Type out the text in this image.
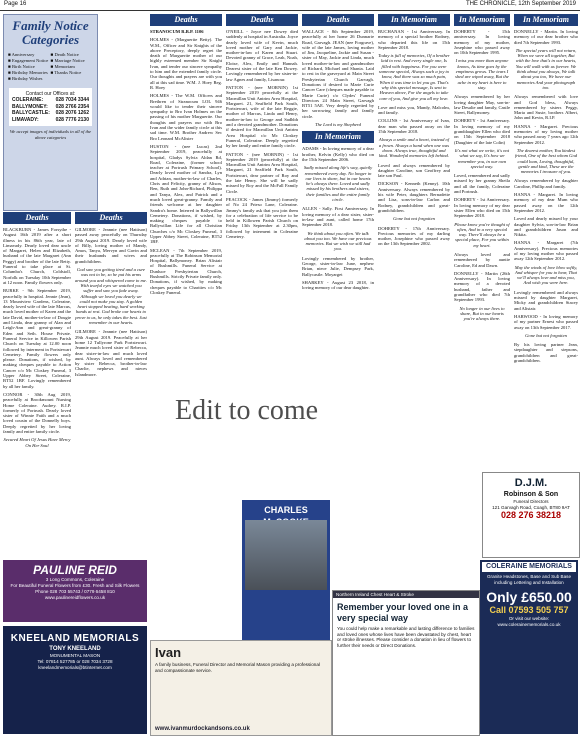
Page 16	THE CHRONICLE, 12th September 2019
Family Notice
Categories
■ Anniversary	■ Death Notice
■ Engagement Notice ■ Marriage Notice
■ Birth Notice	■ Memoriam
■ Birthday Memories ■ Thanks Notice
■ Birthday Wishes
Contact our Offices at:
COLERAINE:	028 7034 3344
BALLYMONEY: 028 2766 2354
BALLYCASTLE: 028 2076 1262
LIMAVADY:	028 7776 2130
We accept images of individuals in all of the above categories
Deaths

BLACKBURN - James Forsythe - August 16th 2019 after a short illness in his 86th year, late of Limavady. Dearly loved dear uncle of Margaret, Helen and Elizabeth, husband of the late Margaret (Ann Peggy) and brother of the late Betty. Funeral to take place at St. Columba's Church, Coldstoll, Norfolk on Tuesday 10th September at 12 noon. Family flowers only.

BURKE - 9th September 2019, peacefully in hospital. Jennie (Jean), 13 Mountview Gardens, Coleraine, dearly loved wife of the late Marcus, much loved mother of Karen and the late David, mother-in-law of Dougie and Linda, dear granny of Alan and Leigh-Ann and great-granny of Eden and Seth. House Private. Funeral Service in Killowen Parish Church on Tuesday at 12.00 noon followed by interment in Portstewart Cemetery. Family flowers only please. Donations, if wished, by making cheques payable to Action Cancer c/o Mc Closkey Funeral, 3 Upper Abbey Street, Coleraine, BT52 1BF. Lovingly remembered by all her family.

CONNOR - 30th Aug 2019, peacefully at Brookmount Nursing Home Coleraine. Audrey. R.I.P. formerly of Portrush. Dearly loved sister of Winnie Faith and a much loved cousin of the Donnelly boys. Deeply regretted by her loving family and entire family circle.

Secured Heart Of Jesus Have Mercy On Her Soul

Deaths

GILMORE - Jeannie (nee Hattison) passed away peacefully on Thursday 29th August 2019. Dearly loved wife of Billy, loving mother of Mandy, Amos, Tanya, Mervyn and Gavin and their husbands and wives and grandchildren.

God saw you getting tired and a cure was not to be, so he put his arms around you and whispered come to me. With tearful eyes we watched you suffer and saw you fade away. Although we loved you dearly we could not make you stay. A golden heart stopped beating, hard working hands at rest. God broke our hearts to prove to us, he only takes the best. Just remember in our hearts.

GILMORE - Jeannie (nee Hattison) 29th August 2019. Peacefully at her home 12 Tullyrone Park Portstewart. Jeannie much loved sister of Rebecca, dear sister-in-law and much loved aunt. Always loved and remembered by sister Rebecca, brother-in-law Charlie, nephews and nieces Islandmore.

Deaths

STRANOCUM R.B.P. 1106

HOLMES - (Marguerite Betty). The W.M., Officer and Sir Knights of the above Preceptory, deeply regret the death of Marguerite mother of our highly esteemed member Sir Knight Ivan, and tender our sincere sympathy to him and the extended family circle. Our thoughts and prayers are with you all at this sad time. W.M. J. Hoey Reg. R. Hoey

HOLMES - The W.M. Officers and Brethren of Stranocum LOL 946 would like to tender their sincere sympathy to Bro Ivan Holmes on the passing of his mother Marguerite. Our thoughts and prayers our with Bro Ivan and the wider family circle at this sad time. W.M. Brother Andrew Sec Bro Leonard McAlister

HUSTON - (nee Lucas) 2nd September 2019, peacefully at hospital, Gladys Sylvia Aldan Rd, Road, Coleraine, (former school teacher at Portrush Primary School). Dearly loved mother of Sandra, Lyn and Adrian, mother-in-law of Charles, Chris and Felicity, granny of Alison, Ben, Ruth and John-Richard, Philippa and Tanya, Alex, and Patrick and a much loved great-granny. Family and friends welcome at her daughter Sandra's home. Interred in Ballywillan Cemetery. Donations, if wished, by making cheques payable to Ballywillan Life for all Christian Churches c/o Mc Closkey Funeral, 3 Upper Abbey Street, Coleraine, BT52 1BF.

MCLEAN - 7th September 2019, peacefully at The Robinson Memorial Hospital, Ballymoney. Brian Alistair of Bushmills. Funeral Service at Dunluce Presbyterian Church, Bushmills. Strictly Private family only. Donations, if wished, by making cheques payable to Charities c/o Mc Closkey Funeral.

Deaths

O'NEILL - Joyce nee Dowey died suddenly at hospital in Australia. Joyce dearly loved wife of Kevin, much loved mother of Gary and Jackie, mother-in-law of Karen and Stuart. Devoted granny of Grace, Leah, Noah, Eloise, Alex, Emily and Hannah. Dearest sister of the late Ken Dowey. Lovingly remembered by her sister-in-law Agnes and family, Lisanour.

PATTON - (nee MORNIN) 1st September 2019 peacefully at the Macmillan Unit Antrim Area Hospital, Margaret. 21, Seaffield Park South, Portstewart, wife of the late Reggie, mother of Marcus, Linda and Henry, mother-in-law to George and Sadhbh and a devoted grandmother. Donations if desired for Macmillan Unit Antrim Area Hospital c/o Mc Closkey Funeral, Coleraine. Deeply regretted by her family and entire family circle.

PATTON - (nee MORNIN) - 1st September 2019 (peacefully) at the Macmillan Unit Antrim Area Hospital, Margaret, 21 Seaffield Park South, Portstewart, dear partner of Roy and the late Henry. She will be sadly missed by Roy and the McFall Family Circle.

PEACOCK - James (Jimmy) formerly of No 24 Prieso Lane, Coleraine. Jimmy's family ask that you join them for a celebration of life service to be held in Killowen Parish Church on Friday 13th September at 2.30pm, followed by interment in Coleraine Cemetery.

Deaths

WALLACE - 8th September 2019, peacefully at her home 26 Dunnarie Road, Garvagh. JEAN (nee Forgrave), wife of the late James, loving mother of Jim, Jacqueline, Jackie and Susan - sister of May, Jackie and Linda, much loved mother-in-law and grandmother of Richard, Michael and Shania. Laid to rest in the graveyard at Main Street Presbyterian Church Garvagh. Donations if desired to Marie Curie Cancer Care (cheques made payable to Marie Curie) c/o Clydes' Funeral Directors 24 Main Street, Garvagh BT51 5AE. Very deeply regretted by her sorrowing family and family circle.

The Lord is my Shepherd

In Memoriam

ADAMS - In loving memory of a dear brother, Kelvin (Kelly) who died on the 15th September 2006.

Sadly missed along life's way, quietly remembered every day. No longer in our lives to share, but in our hearts he's always there. Loved and sadly missed by his brothers and sisters, their families and the entire family circle.

ALLEN - Sally. First Anniversary. In loving memory of a dear sister, sister-in-law and aunt, called home 17th September 2018.

We think about you often. We talk about you too. We have our precious memories. But we wish we still had you.

Lovingly remembered by brother, George, sister-in-law June, nephew Brian, niece Julie, Dempsey Park, Ballycastle. Moyarget

SHARKEY - August 23 2018, in loving memory of our dear daughter.

In Memoriam

BUCHANAN - 1st Anniversary. In memory of a special brother Rodney, who departed this life on 15th September 2018.

Today is full of memories, Of a brother laid to rest. And every single one, Is filled with happiness. For you were someone special, Always such a joy to know, And there was so much pain, When it was time to let you go. That's why this special message, Is sent to Heaven above, For the angels to take care of you, And give you all my love.

Love and miss you, Mandy, Malcolm, and family.

COLLINS - 1st Anniversary of Ivan, dear man who passed away on the 15th September 2018.

Always a smile and a heart, instead of a frown. Always a hand when one was down. Always true, thoughtful and kind. Wonderful memories left behind.

Loved and always remembered by daughter Caroline, son Geoffrey and late son Paul.

DICKSON - Kenneth (Kenny). 10th Anniversary. Always remembered by his wife Peter, daughters Bernadette and Lisa, sons-in-law Carlon and Rodney, grandchildren and great-grandchildren.

Gone but not forgotten

DOHERTY - 17th Anniversary. Precious memories of my darling mother, Josephine who passed away on the 13th September 2002.

In Memoriam

DOHERTY - 15th anniversary. In loving memory of my mother, Josephine who passed away on 10th September 1995.

I miss you more than anyone knows, As time goes by the emptiness grows. The tears I shed are wiped away, But the ache in my heart is here to stay.

Always remembered by her loving daughter May, son-in-law Desalie and family, Castle Street, Ballymoney.

DOHERTY - 1st Anniversary. In loving memory of my granddaughter Ellen who died on 15th September 2018 (Daughter of the late Colin)

It's not what we write, it's not what we say, It's how we remember you, in our own special way.

Loved, remembered and sadly missed by her granny Sheila and all the family, Coleraine and Portrush.

DOHERTY - 1st Anniversary. In loving memory of my dear sister Ellen who died on 15th September 2018.

Please know you're thought of often, And in a very special way. There'll always be a special place, For you within my heart.

Always loved and remembered by auntie Caroline, Ed and Dawn.

DONNELLY - Martin (26th Anniversary). In loving memory of a devoted husband, father and grandfather who died 7th September 1993.

No longer in our lives to share, But in our hearts you're always there.

In Memoriam

DONNELLY - Martin. In loving memory of our dear brother who died 7th September 1993.

The special years will not return, When we were all together, But with the love that's in our hearts, You will walk with us forever. We think about you always, We talk about you too, We have our memories And your photograph too.

Always remembered with love and God bless, Always remembered by sisters Peggy, Maria and Susie, brothers Albert, John and Kevin, R.I.P.

HANNA - Margaret. Precious memories of my loving mother who passed away 7 years ago 12th September 2012.

The dearest mother, You kindest friend, One of the best whom God could loan, Loving, thoughtful, gentle and kind, These are the memories I treasure of you.

Always remembered by daughter Caroline, Phillip and family.

HANNA - Margaret. In loving memory of my dear Mum who passed away on the 12th September 2012.

Loved and dearly missed by your daughter Sylvia, son-in-law Brian and grandchildren Jason and Nikita.

HANNA - Margaret (7th Anniversary). Precious memories of my loving mother who passed away 12th September 2012.

May the winds of love blow softly, And whisper for you to hear, That we'll always love and miss you, And wish you were here.

Lovingly remembered and always missed by daughter Margaret, Micky and grandchildren Stacey and Alistair.

HARWOOD - In loving memory of my partner Ernest who passed away on 13th September 2017.

Gone but not forgotten

By his loving partner Jean, stepdaughter and stepsons, grandchildren and great-grandchildren.

PAULINE REID
3 Long Commons, Coleraine
For Beautiful Funeral Flowers from £30. Fresh and Silk Flowers
Phone 028 703 55743 / 0779 6458 810
www.paulinereidflowers.co.uk
KNEELAND MEMORIALS
TONY KNEELAND
MONUMENTAL MASON
Tel: 07814 527785 or 028 7034 3728
kneelandmemorials@btinternet.com
CHARLES
Northern Ireland Chest Heart & Stroke
Remember your loved one in a very special way
You could help make a remarkable and lasting difference to families and loved ones whose lives have been devastated by chest, heart or stroke illnesses. Please consider a donation in lieu of flowers to further their needs or Direct Donations.
D.J.M.
Robinson & Son
Funeral Directors
121 Garvagh Road, Coagh, BT80 9AT
028 276 38218
COLERAINE MEMORIALS
Granite Headstones, Base and Sub Base including Lettering and Installation
Only £650.00
Call 07593 505 757
Or visit our website: www.colerainememorials.co.uk
Ivan
A family business, Funeral Director and Memorial Mason providing a professional and compassionate service.
www.ivanmurdockandsons.co.uk
Edit to come
